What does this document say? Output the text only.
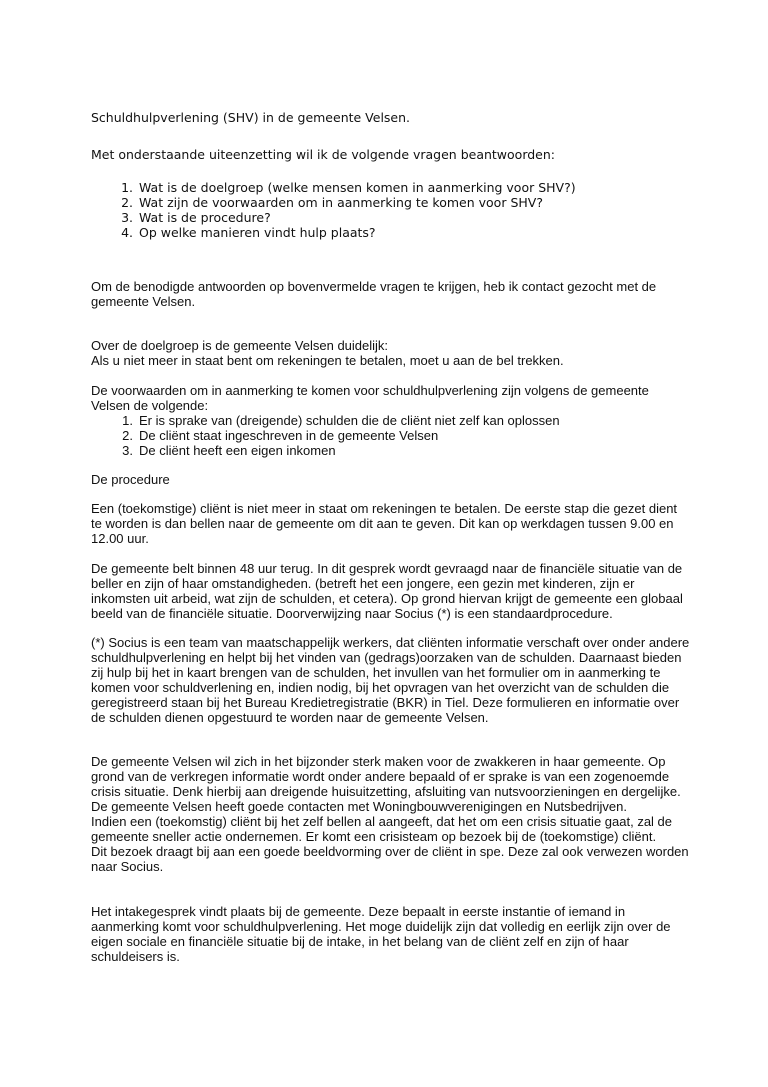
Schuldhulpverlening (SHV) in de gemeente Velsen.

Met onderstaande uiteenzetting wil ik de volgende vragen beantwoorden:

1. Wat is de doelgroep (welke mensen komen in aanmerking voor SHV?)
2. Wat zijn de voorwaarden om in aanmerking te komen voor SHV?
3. Wat is de procedure?
4. Op welke manieren vindt hulp plaats?

Om de benodigde antwoorden op bovenvermelde vragen te krijgen, heb ik contact gezocht met de gemeente Velsen.

Over de doelgroep is de gemeente Velsen duidelijk:

Als u niet meer in staat bent om rekeningen te betalen, moet u aan de bel trekken.

De voorwaarden om in aanmerking te komen voor schuldhulpverlening zijn volgens de gemeente Velsen de volgende:

1. Er is sprake van (dreigende) schulden die de cliënt niet zelf kan oplossen
2. De cliënt staat ingeschreven in de gemeente Velsen
3. De cliënt heeft een eigen inkomen

De procedure

Een (toekomstige) cliënt is niet meer in staat om rekeningen te betalen. De eerste stap die gezet dient te worden is dan bellen naar de gemeente om dit aan te geven. Dit kan op werkdagen tussen 9.00 en 12.00 uur.

De gemeente belt binnen 48 uur terug. In dit gesprek wordt gevraagd naar de financiële situatie van de beller en zijn of haar omstandigheden. (betreft het een jongere, een gezin met kinderen, zijn er inkomsten uit arbeid, wat zijn de schulden, et cetera). Op grond hiervan krijgt de gemeente een globaal beeld van de financiële situatie. Doorverwijzing naar Socius (*) is een standaardprocedure.

(*) Socius is een team van maatschappelijk werkers, dat cliënten informatie verschaft over onder andere schuldhulpverlening en helpt bij het vinden van (gedrags)oorzaken van de schulden. Daarnaast bieden zij hulp bij het in kaart brengen van de schulden, het invullen van het formulier om in aanmerking te komen voor schuldverlening en, indien nodig, bij het opvragen van het overzicht van de schulden die geregistreerd staan bij het Bureau Kredietregistratie (BKR) in Tiel. Deze formulieren en informatie over de schulden dienen opgestuurd te worden naar de gemeente Velsen.

De gemeente Velsen wil zich in het bijzonder sterk maken voor de zwakkeren in haar gemeente. Op grond van de verkregen informatie wordt onder andere bepaald of er sprake is van een zogenoemde crisis situatie. Denk hierbij aan dreigende huisuitzetting, afsluiting van nutsvoorzieningen en dergelijke.

De gemeente Velsen heeft goede contacten met Woningbouwverenigingen en Nutsbedrijven.

Indien een (toekomstig) cliënt bij het zelf bellen al aangeeft, dat het om een crisis situatie gaat, zal de gemeente sneller actie ondernemen. Er komt een crisisteam op bezoek bij de (toekomstige) cliënt.

Dit bezoek draagt bij aan een goede beeldvorming over de cliënt in spe. Deze zal ook verwezen worden naar Socius.

Het intakegesprek vindt plaats bij de gemeente. Deze bepaalt in eerste instantie of iemand in aanmerking komt voor schuldhulpverlening. Het moge duidelijk zijn dat volledig en eerlijk zijn over de eigen sociale en financiële situatie bij de intake, in het belang van de cliënt zelf en zijn of haar schuldeisers is.
